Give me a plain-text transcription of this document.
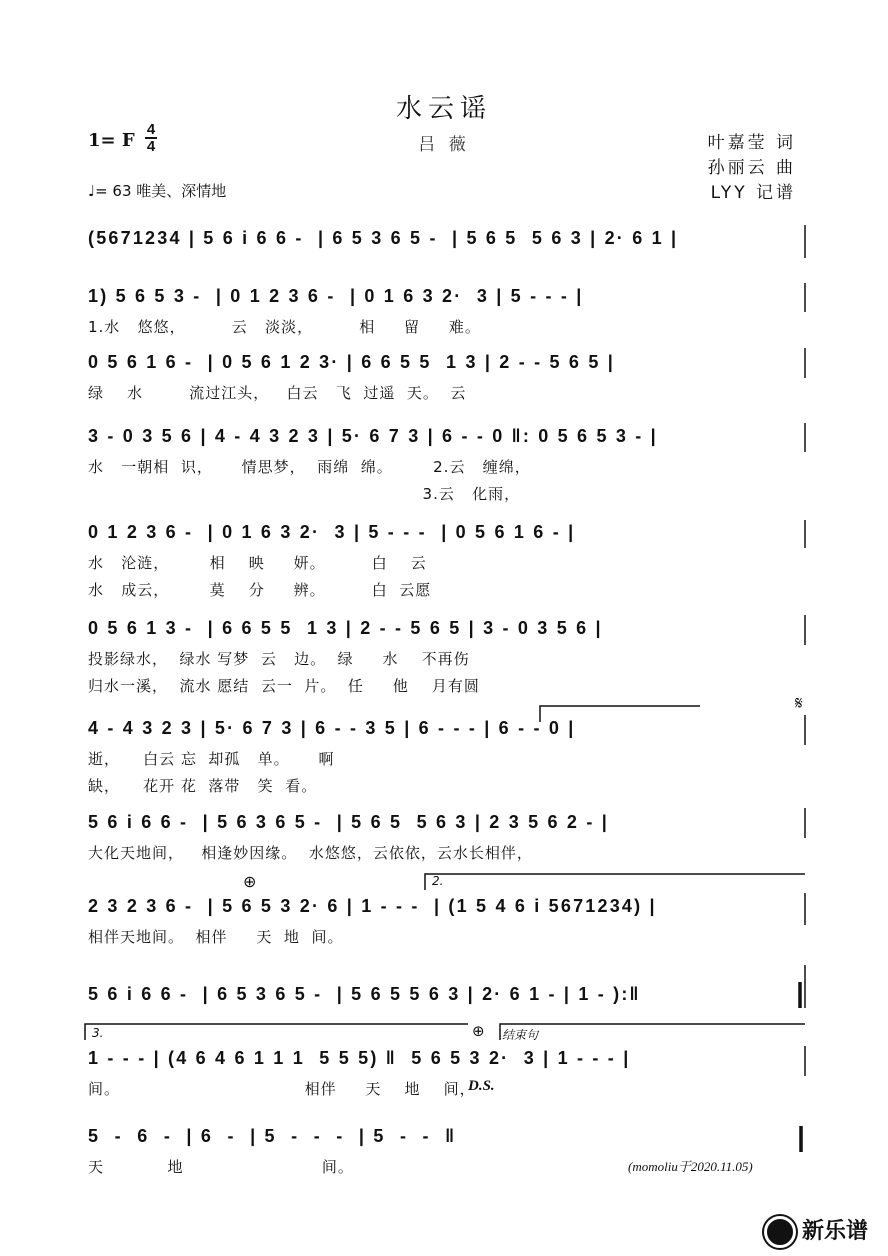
水云谣
吕 薇
1= F
4
4	叶嘉莹 词
孙丽云 曲
LYY 记谱
♩= 63 唯美、深情地
(5671234 | 5 6 i 6 6 -  | 6 5 3 6 5 -  | 5 6 5  5 6 3 | 2· 6 1 |
1) 5 6 5 3 -  | 0 1 2 3 6 -  | 0 1 6 3 2·  3 | 5 - - - |
1.水   悠悠，        云   淡淡，        相     留     难。
0 5 6 1 6 -  | 0 5 6 1 2 3· | 6 6 5 5  1 3 | 2 - - 5 6 5 |
绿    水        流过江头，   白云   飞  过遥  天。  云
3 - 0 3 5 6 | 4 - 4 3 2 3 | 5· 6 7 3 | 6 - - 0 ‖: 0 5 6 5 3 - |
水   一朝相  识，     情思梦，  雨绵  绵。       2.云   缠绵，
3.云   化雨，
0 1 2 3 6 -  | 0 1 6 3 2·  3 | 5 - - -  | 0 5 6 1 6 - |
水   沦涟，       相    映     妍。        白    云
水   成云，       莫    分     辨。        白  云愿
0 5 6 1 3 -  | 6 6 5 5  1 3 | 2 - - 5 6 5 | 3 - 0 3 5 6 |
投影绿水，  绿水 写梦  云   边。  绿     水    不再伤
归水一溪，  流水 愿结  云一  片。  任     他    月有圆
4 - 4 3 2 3 | 5· 6 7 3 | 6 - - 3 5 | 6 - - - | 6 - - 0 |
逝，    白云 忘  却孤   单。     啊
缺，    花开 花  落带   笑  看。
5 6 i 6 6 -  | 5 6 3 6 5 -  | 5 6 5  5 6 3 | 2 3 5 6 2 - |
大化天地间，   相逢妙因缘。  水悠悠，云依依，云水长相伴，
2 3 2 3 6 -  | 5 6 5 3 2· 6 | 1 - - -  | (1 5 4 6 i 5671234) |
相伴天地间。  相伴     天  地  间。
5 6 i 6 6 -  | 6 5 3 6 5 -  | 5 6 5 5 6 3 | 2· 6 1 - | 1 - ):‖
1 - - - | (4 6 4 6 1 1 1  5 5 5) ‖  5 6 5 3 2·  3 | 1 - - - |
间。                                相伴     天    地    间，
5  -  6  -  | 6  -  | 5  -  -  -  | 5  -  -  ‖
天           地                        间。
2.
3.	结束句
D.S.
𝄋
⊕
⊕
(momoliu于2020.11.05)

新乐谱
